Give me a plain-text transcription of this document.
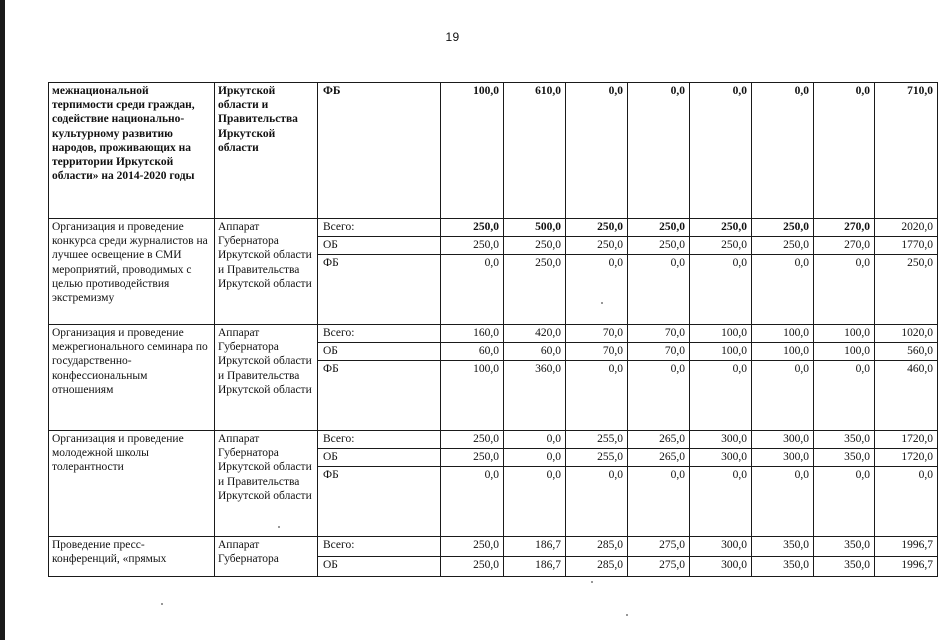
19
межнациональной терпимости среди граждан, содействие национально-культурному развитию народов, проживающих на территории Иркутской области» на 2014-2020 годы	Иркутской области и Правительства Иркутской области	ФБ	100,0	610,0	0,0	0,0	0,0	0,0	0,0	710,0
Организация и проведение конкурса среди журналистов на лучшее освещение в СМИ мероприятий, проводимых с целью противодействия экстремизму	Аппарат Губернатора Иркутской области и Правительства Иркутской области	Всего:	250,0	500,0	250,0	250,0	250,0	250,0	270,0	2020,0
		ОБ	250,0	250,0	250,0	250,0	250,0	250,0	270,0	1770,0
		ФБ	0,0	250,0	0,0	0,0	0,0	0,0	0,0	250,0
Организация и проведение межрегионального семинара по государственно-конфессиональным отношениям	Аппарат Губернатора Иркутской области и Правительства Иркутской области	Всего:	160,0	420,0	70,0	70,0	100,0	100,0	100,0	1020,0
		ОБ	60,0	60,0	70,0	70,0	100,0	100,0	100,0	560,0
		ФБ	100,0	360,0	0,0	0,0	0,0	0,0	0,0	460,0
Организация и проведение молодежной школы толерантности	Аппарат Губернатора Иркутской области и Правительства Иркутской области	Всего:	250,0	0,0	255,0	265,0	300,0	300,0	350,0	1720,0
		ОБ	250,0	0,0	255,0	265,0	300,0	300,0	350,0	1720,0
		ФБ	0,0	0,0	0,0	0,0	0,0	0,0	0,0	0,0
Проведение пресс-конференций, «прямых	Аппарат Губернатора	Всего:	250,0	186,7	285,0	275,0	300,0	350,0	350,0	1996,7
		ОБ	250,0	186,7	285,0	275,0	300,0	350,0	350,0	1996,7
